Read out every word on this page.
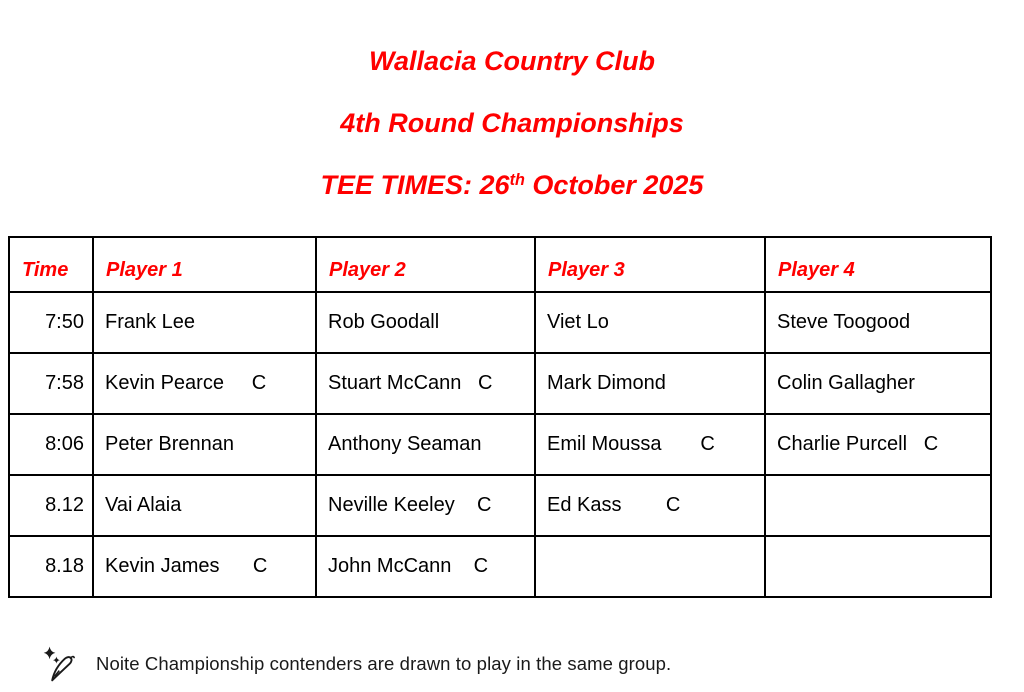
Wallacia Country Club
4th Round Championships
TEE TIMES: 26th October 2025
Time	Player 1	Player 2	Player 3	Player 4
7:50	Frank Lee	Rob Goodall	Viet Lo	Steve Toogood
7:58	Kevin Pearce     C	Stuart McCann   C	Mark Dimond	Colin Gallagher
8:06	Peter Brennan	Anthony Seaman	Emil Moussa       C	Charlie Purcell   C
8.12	Vai Alaia	Neville Keeley    C	Ed Kass        C	
8.18	Kevin James      C	John McCann    C		
Noite Championship contenders are drawn to play in the same group.
